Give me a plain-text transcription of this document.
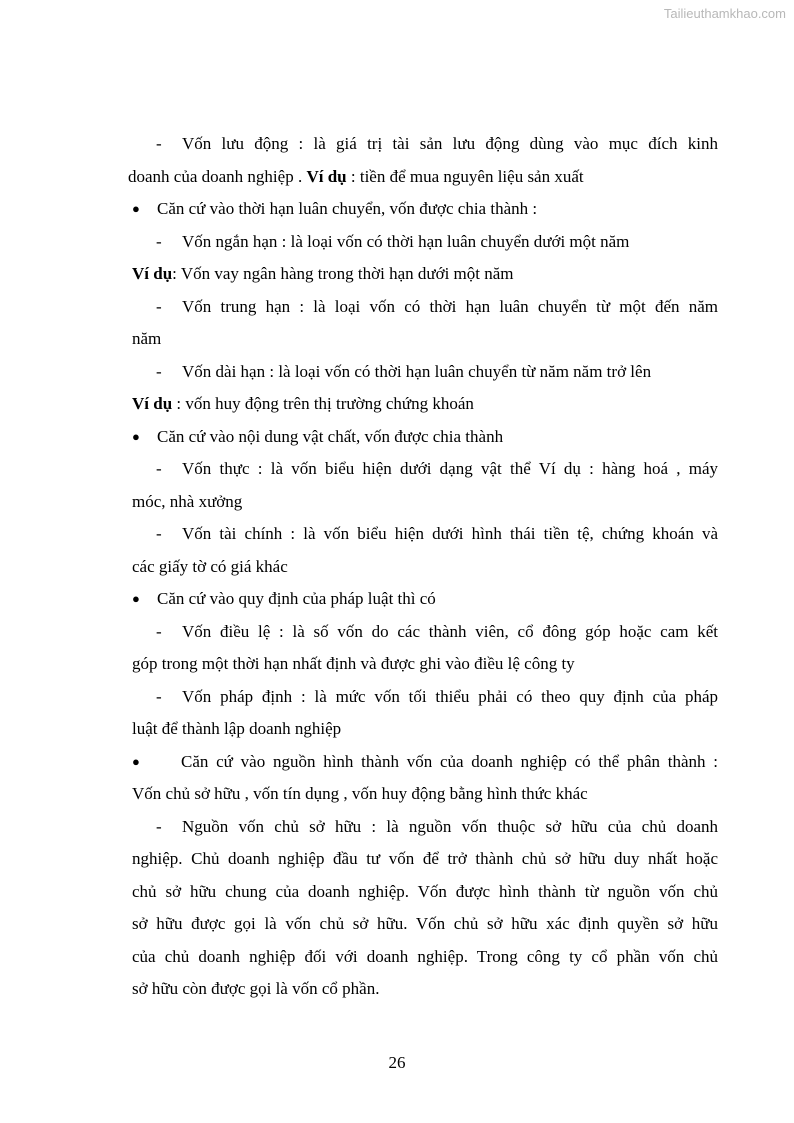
Tailieuthamkhao.com
- Vốn lưu động : là giá trị tài sản lưu động dùng vào mục đích kinh
doanh của doanh nghiệp . Ví dụ : tiền để mua nguyên liệu sản xuất
● Căn cứ vào thời hạn luân chuyển, vốn được chia thành :
- Vốn ngắn hạn : là loại vốn có thời hạn luân chuyển dưới một năm
Ví dụ: Vốn vay ngân hàng trong thời hạn dưới một năm
- Vốn trung hạn : là loại vốn có thời hạn luân chuyển từ một đến năm
năm
- Vốn dài hạn : là loại vốn có thời hạn luân chuyển từ năm năm trở lên
Ví dụ : vốn huy động trên thị trường chứng khoán
● Căn cứ vào nội dung vật chất, vốn được chia thành
- Vốn thực : là vốn biểu hiện dưới dạng vật thể Ví dụ : hàng hoá , máy
móc, nhà xưởng
- Vốn tài chính : là vốn biểu hiện dưới hình thái tiền tệ, chứng khoán và
các giấy tờ có giá khác
● Căn cứ vào quy định của pháp luật thì có
- Vốn điều lệ : là số vốn do các thành viên, cổ đông góp hoặc cam kết
góp trong một thời hạn nhất định và được ghi vào điều lệ công ty
- Vốn pháp định : là mức vốn tối thiểu phải có theo quy định của pháp
luật để thành lập doanh nghiệp
● Căn cứ vào nguồn hình thành vốn của doanh nghiệp có thể phân thành :
Vốn chủ sở hữu , vốn tín dụng , vốn huy động bằng hình thức khác
- Nguồn vốn chủ sở hữu : là nguồn vốn thuộc sở hữu của chủ doanh
nghiệp. Chủ doanh nghiệp đầu tư vốn để trở thành chủ sở hữu duy nhất hoặc
chủ sở hữu chung của doanh nghiệp. Vốn được hình thành từ nguồn vốn chủ
sở hữu được gọi là vốn chủ sở hữu. Vốn chủ sở hữu xác định quyền sở hữu
của chủ doanh nghiệp đối với doanh nghiệp. Trong công ty cổ phần vốn chủ
sở hữu còn được gọi là vốn cổ phần.
26
